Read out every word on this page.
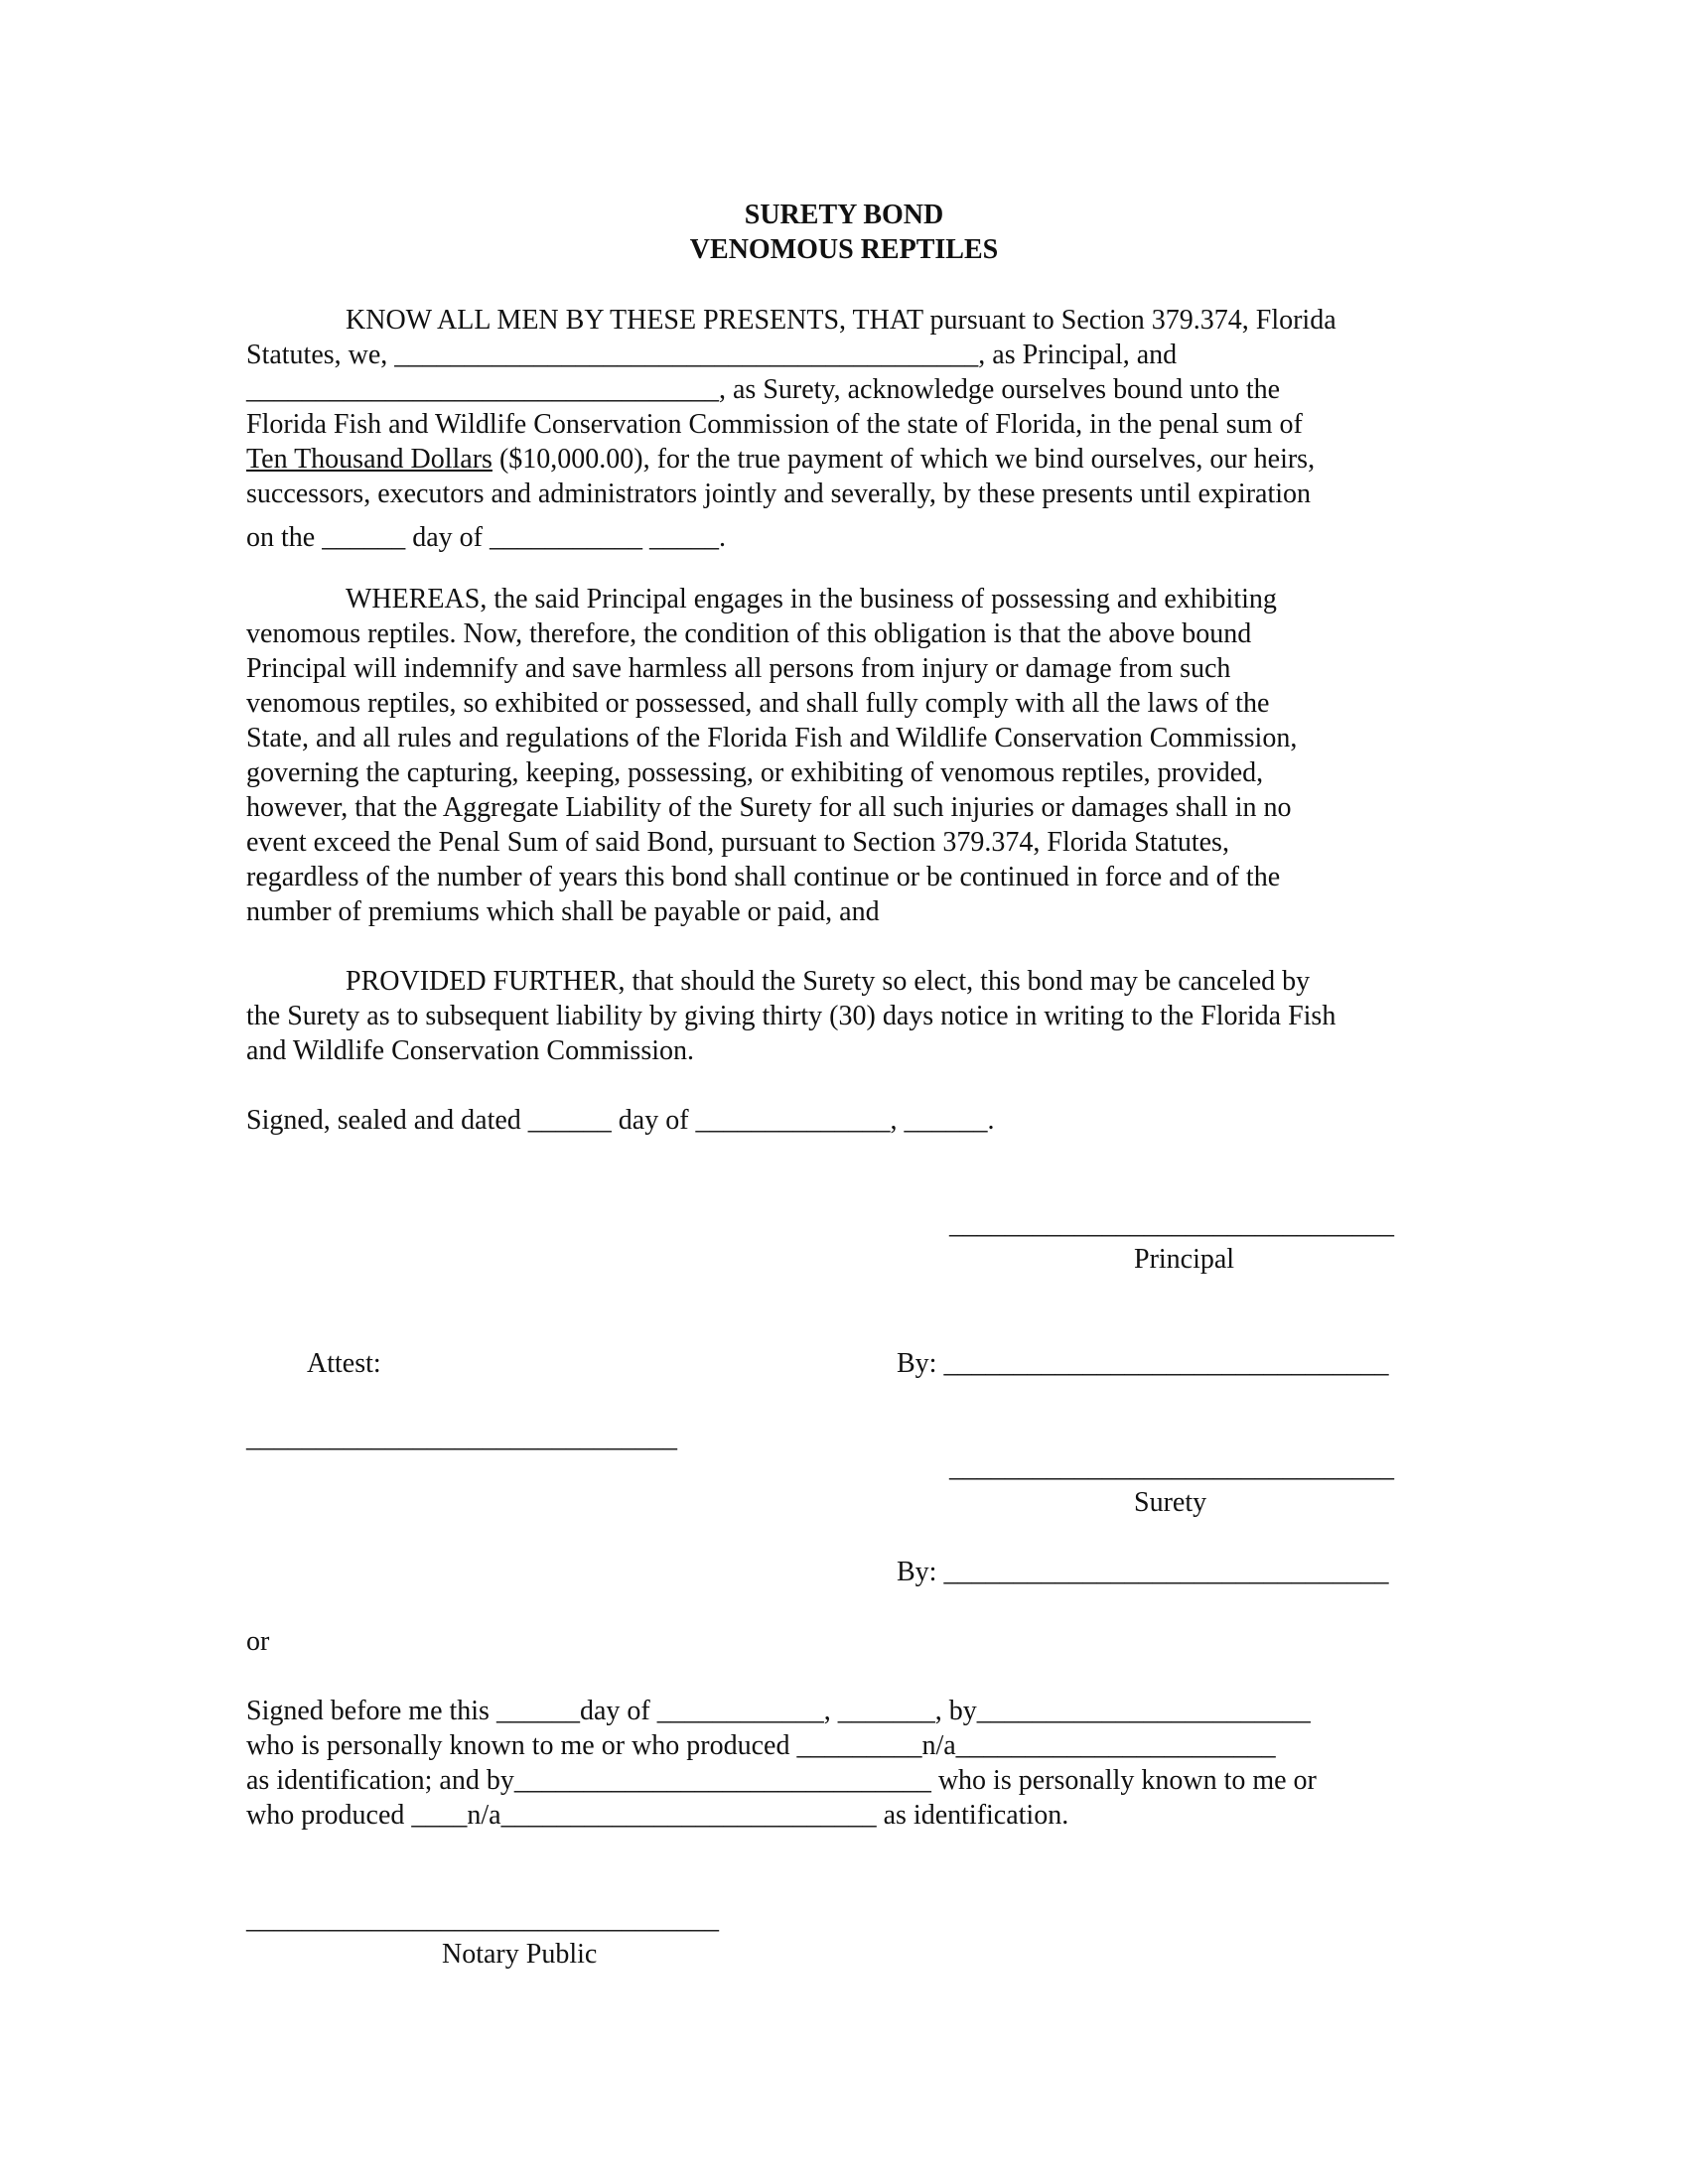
SURETY BOND
VENOMOUS REPTILES
KNOW ALL MEN BY THESE PRESENTS, THAT pursuant to Section 379.374, Florida
Statutes, we, __________________________________________, as Principal, and
__________________________________, as Surety, acknowledge ourselves bound unto the
Florida Fish and Wildlife Conservation Commission of the state of Florida, in the penal sum of
Ten Thousand Dollars ($10,000.00), for the true payment of which we bind ourselves, our heirs,
successors, executors and administrators jointly and severally, by these presents until expiration
on the ______ day of ___________ _____.
WHEREAS, the said Principal engages in the business of possessing and exhibiting
venomous reptiles. Now, therefore, the condition of this obligation is that the above bound
Principal will indemnify and save harmless all persons from injury or damage from such
venomous reptiles, so exhibited or possessed, and shall fully comply with all the laws of the
State, and all rules and regulations of the Florida Fish and Wildlife Conservation Commission,
governing the capturing, keeping, possessing, or exhibiting of venomous reptiles, provided,
however, that the Aggregate Liability of the Surety for all such injuries or damages shall in no
event exceed the Penal Sum of said Bond, pursuant to Section 379.374, Florida Statutes,
regardless of the number of years this bond shall continue or be continued in force and of the
number of premiums which shall be payable or paid, and
PROVIDED FURTHER, that should the Surety so elect, this bond may be canceled by
the Surety as to subsequent liability by giving thirty (30) days notice in writing to the Florida Fish
and Wildlife Conservation Commission.
Signed, sealed and dated ______ day of ______________, ______.
________________________________
Principal
Attest:	By: ________________________________
_______________________________
________________________________
Surety
By: ________________________________
or
Signed before me this ______day of ____________, _______, by________________________
who is personally known to me or who produced _________n/a_______________________
as identification; and by______________________________ who is personally known to me or
who produced ____n/a___________________________ as identification.
__________________________________
Notary Public
